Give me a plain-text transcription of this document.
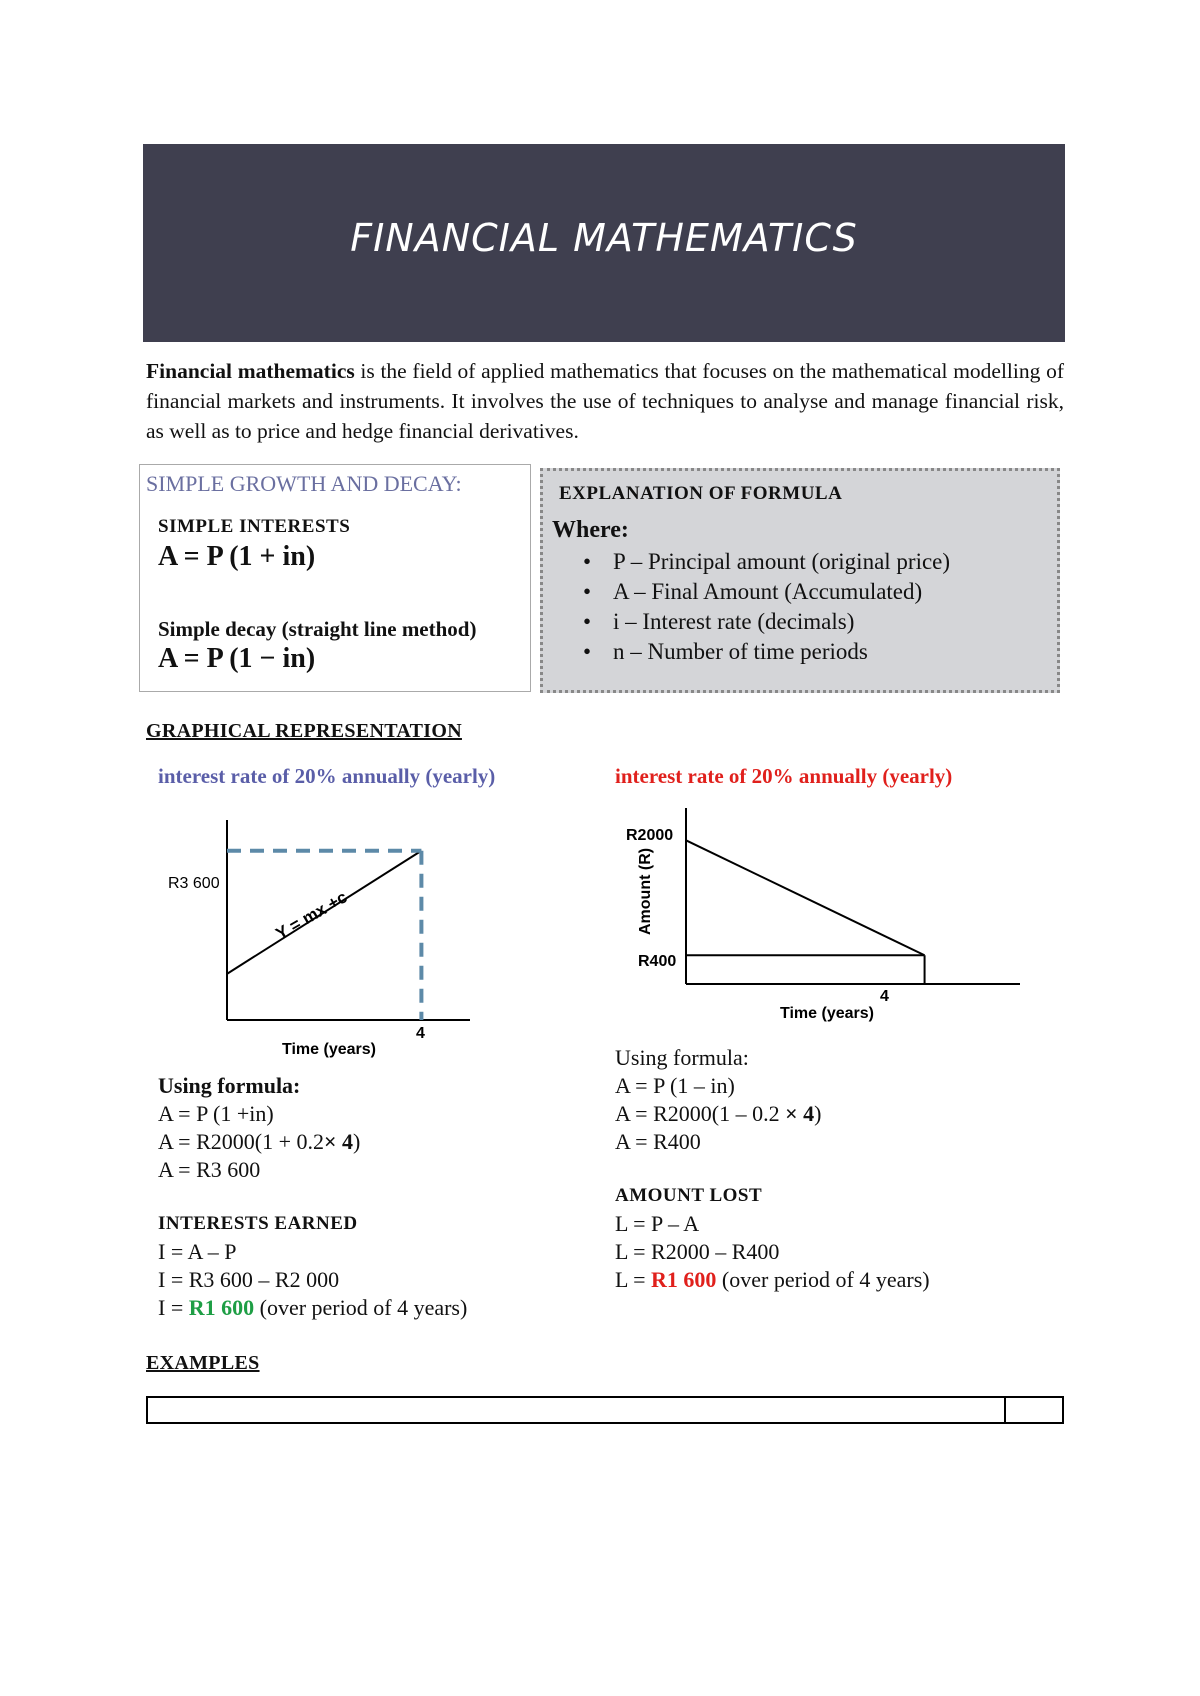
FINANCIAL MATHEMATICS
Financial mathematics is the field of applied mathematics that focuses on the mathematical modelling of financial markets and instruments. It involves the use of techniques to analyse and manage financial risk, as well as to price and hedge financial derivatives.
SIMPLE GROWTH AND DECAY:
SIMPLE INTERESTS
A = P (1 + in)
Simple decay (straight line method)
A = P (1 − in)
EXPLANATION OF FORMULA
Where:
• P – Principal amount (original price)
• A – Final Amount (Accumulated)
• i – Interest rate (decimals)
• n – Number of time periods
GRAPHICAL REPRESENTATION
interest rate of 20% annually (yearly)	interest rate of 20% annually (yearly)
R3 600
4
Time (years)
Y = mx +c
R2000
R400
4
Time (years)
Amount (R)
Using formula:
A = P (1 +in)
A = R2000(1 + 0.2× 4)
A = R3 600
INTERESTS EARNED
I = A – P
I = R3 600 – R2 000
I = R1 600 (over period of 4 years)
Using formula:
A = P (1 – in)
A = R2000(1 – 0.2 × 4)
A = R400
AMOUNT LOST
L = P – A
L = R2000 – R400
L = R1 600 (over period of 4 years)
EXAMPLES
